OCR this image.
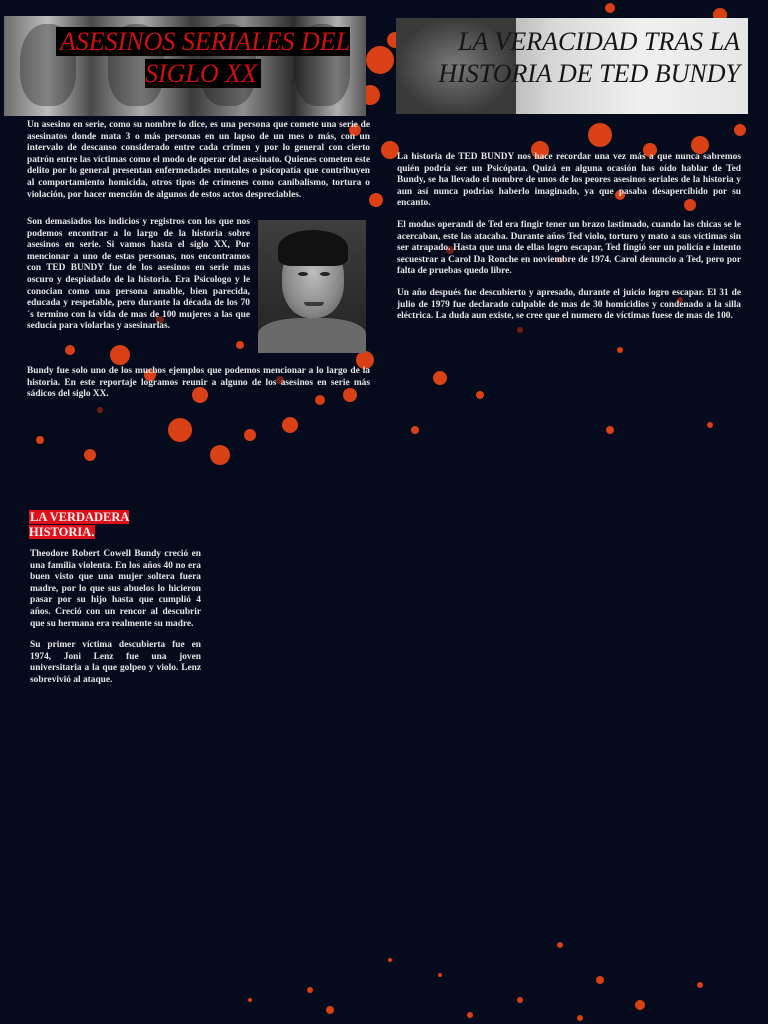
ASESINOS SERIALES DEL SIGLO XX
LA VERACIDAD TRAS LA HISTORIA DE TED BUNDY

Un asesino en serie, como su nombre lo dice, es una persona que comete una serie de asesinatos donde mata 3 o más personas en un lapso de un mes o más, con un intervalo de descanso considerado entre cada crimen y por lo general con cierto patrón entre las víctimas como el modo de operar del asesinato. Quienes cometen este delito por lo general presentan enfermedades mentales o psicopatía que contribuyen al comportamiento homicida, otros tipos de crímenes como canibalismo, tortura o violación, por hacer mención de algunos de estos actos despreciables.

Son demasiados los indicios y registros con los que nos podemos encontrar a lo largo de la historia sobre asesinos en serie. Si vamos hasta el siglo XX, Por mencionar a uno de estas personas, nos encontramos con TED BUNDY fue de los asesinos en serie mas oscuro y despiadado de la historia. Era Psicologo y le conocian como una persona amable, bien parecida, educada y respetable, pero durante la década de los 70´s termino con la vida de mas de 100 mujeres a las que seducía para violarlas y asesinarlas.

Bundy fue solo uno de los muchos ejemplos que podemos mencionar a lo largo de la historia. En este reportaje logramos reunir a alguno de los asesinos en serie más sádicos del siglo XX.

La historia de TED BUNDY nos hace recordar una vez más a que nunca sabremos quién podría ser un Psicópata. Quizá en alguna ocasión has oído hablar de Ted Bundy, se ha llevado el nombre de unos de los peores asesinos seriales de la historia y aun así nunca podrías haberlo imaginado, ya que pasaba desapercibido por su encanto.

El modus operandi de Ted era fingir tener un brazo lastimado, cuando las chicas se le acercaban, este las atacaba. Durante años Ted violo, torturo y mato a sus víctimas sin ser atrapado. Hasta que una de ellas logro escapar, Ted fingió ser un policía e intento secuestrar a Carol Da Ronche en noviembre de 1974. Carol denuncio a Ted, pero por falta de pruebas quedo libre.

Un año después fue descubierto y apresado, durante el juicio logro escapar. El 31 de julio de 1979 fue declarado culpable de mas de 30 homicidios y condenado a la silla eléctrica. La duda aun existe, se cree que el numero de víctimas fuese de mas de 100.

LA VERDADERA HISTORIA.

Theodore Robert Cowell Bundy creció en una familia violenta. En los años 40 no era buen visto que una mujer soltera fuera madre, por lo que sus abuelos lo hicieron pasar por su hijo hasta que cumplió 4 años. Creció con un rencor al descubrir que su hermana era realmente su madre.

Su primer víctima descubierta fue en 1974, Joni Lenz fue una joven universitaria a la que golpeo y violo. Lenz sobrevivió al ataque.
